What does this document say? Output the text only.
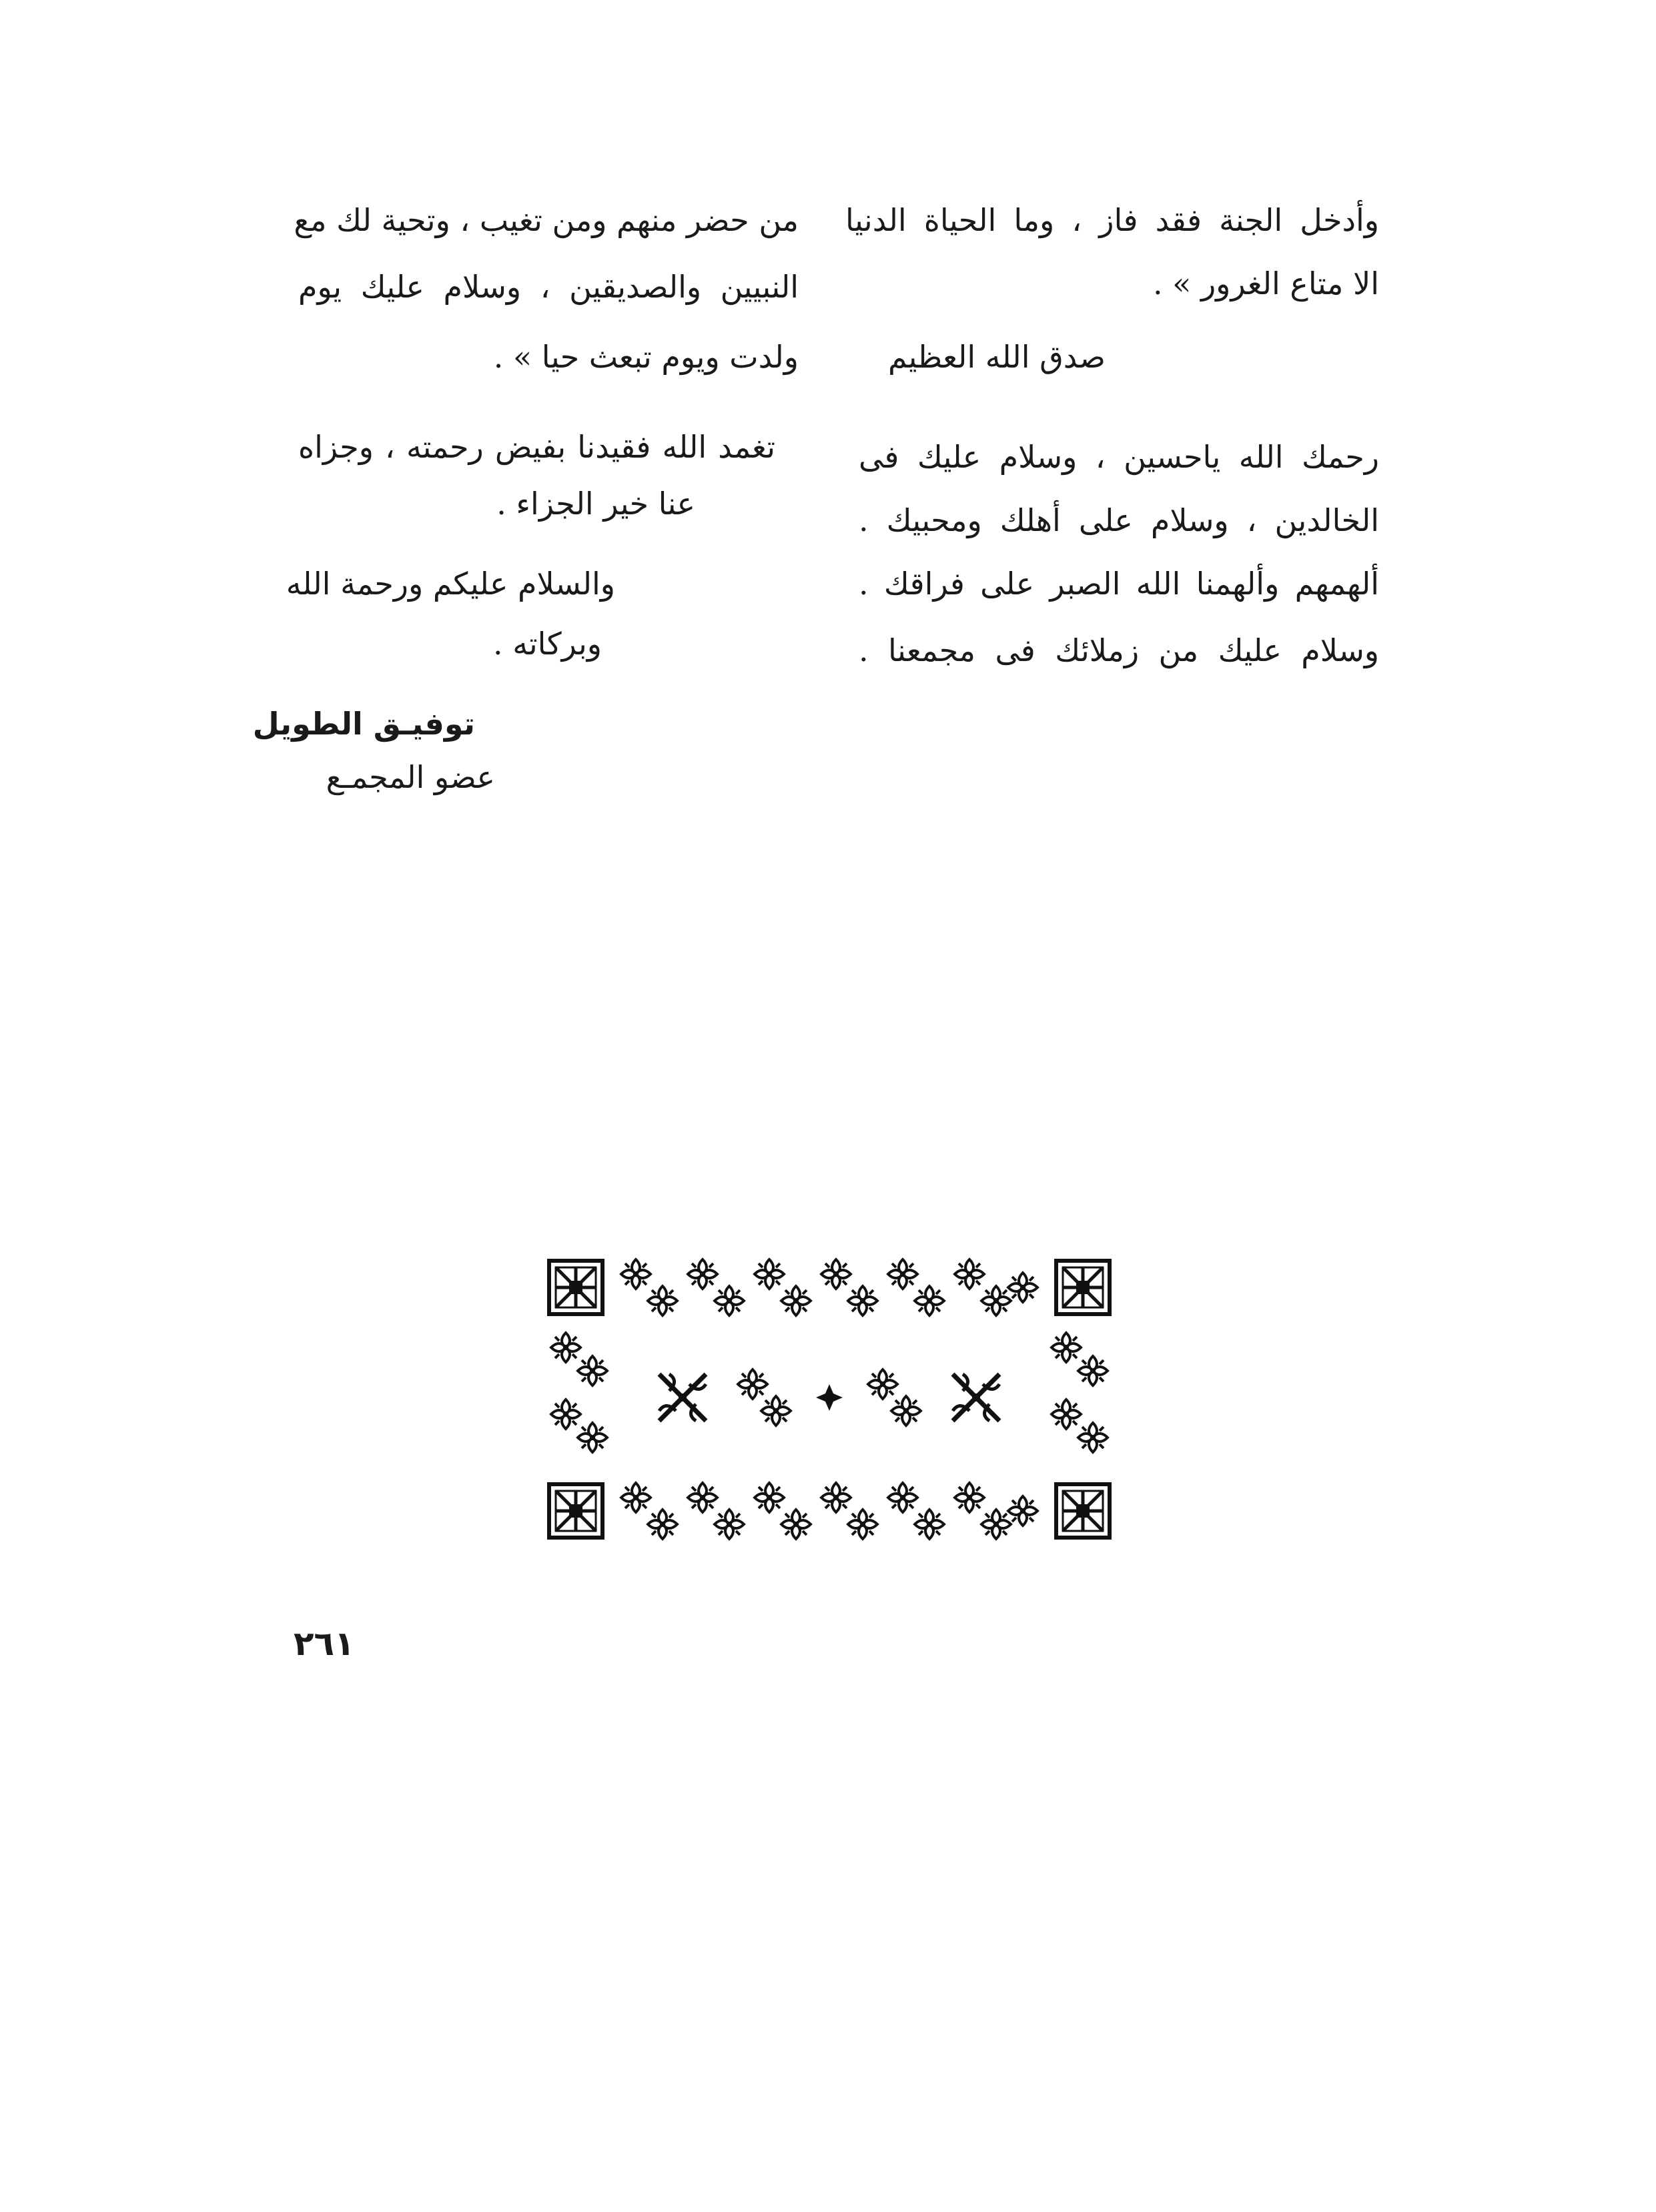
وأدخل الجنة فقد فاز ، وما الحياة الدنيا
الا متاع الغرور » .
صدق الله العظيم
رحمك الله ياحسين ، وسلام عليك فى
الخالدين ، وسلام على أهلك ومحبيك .
ألهمهم وألهمنا الله الصبر على فراقك .
وسلام عليك من زملائك فى مجمعنا .
من حضر منهم ومن تغيب ، وتحية لك مع
النبيين والصديقين ، وسلام عليك يوم
ولدت ويوم تبعث حيا » .
تغمد الله فقيدنا بفيض رحمته ، وجزاه
عنا خير الجزاء .
والسلام عليكم ورحمة الله
وبركاته .
توفيـق الطويل
عضو المجمـع
٢٦١
